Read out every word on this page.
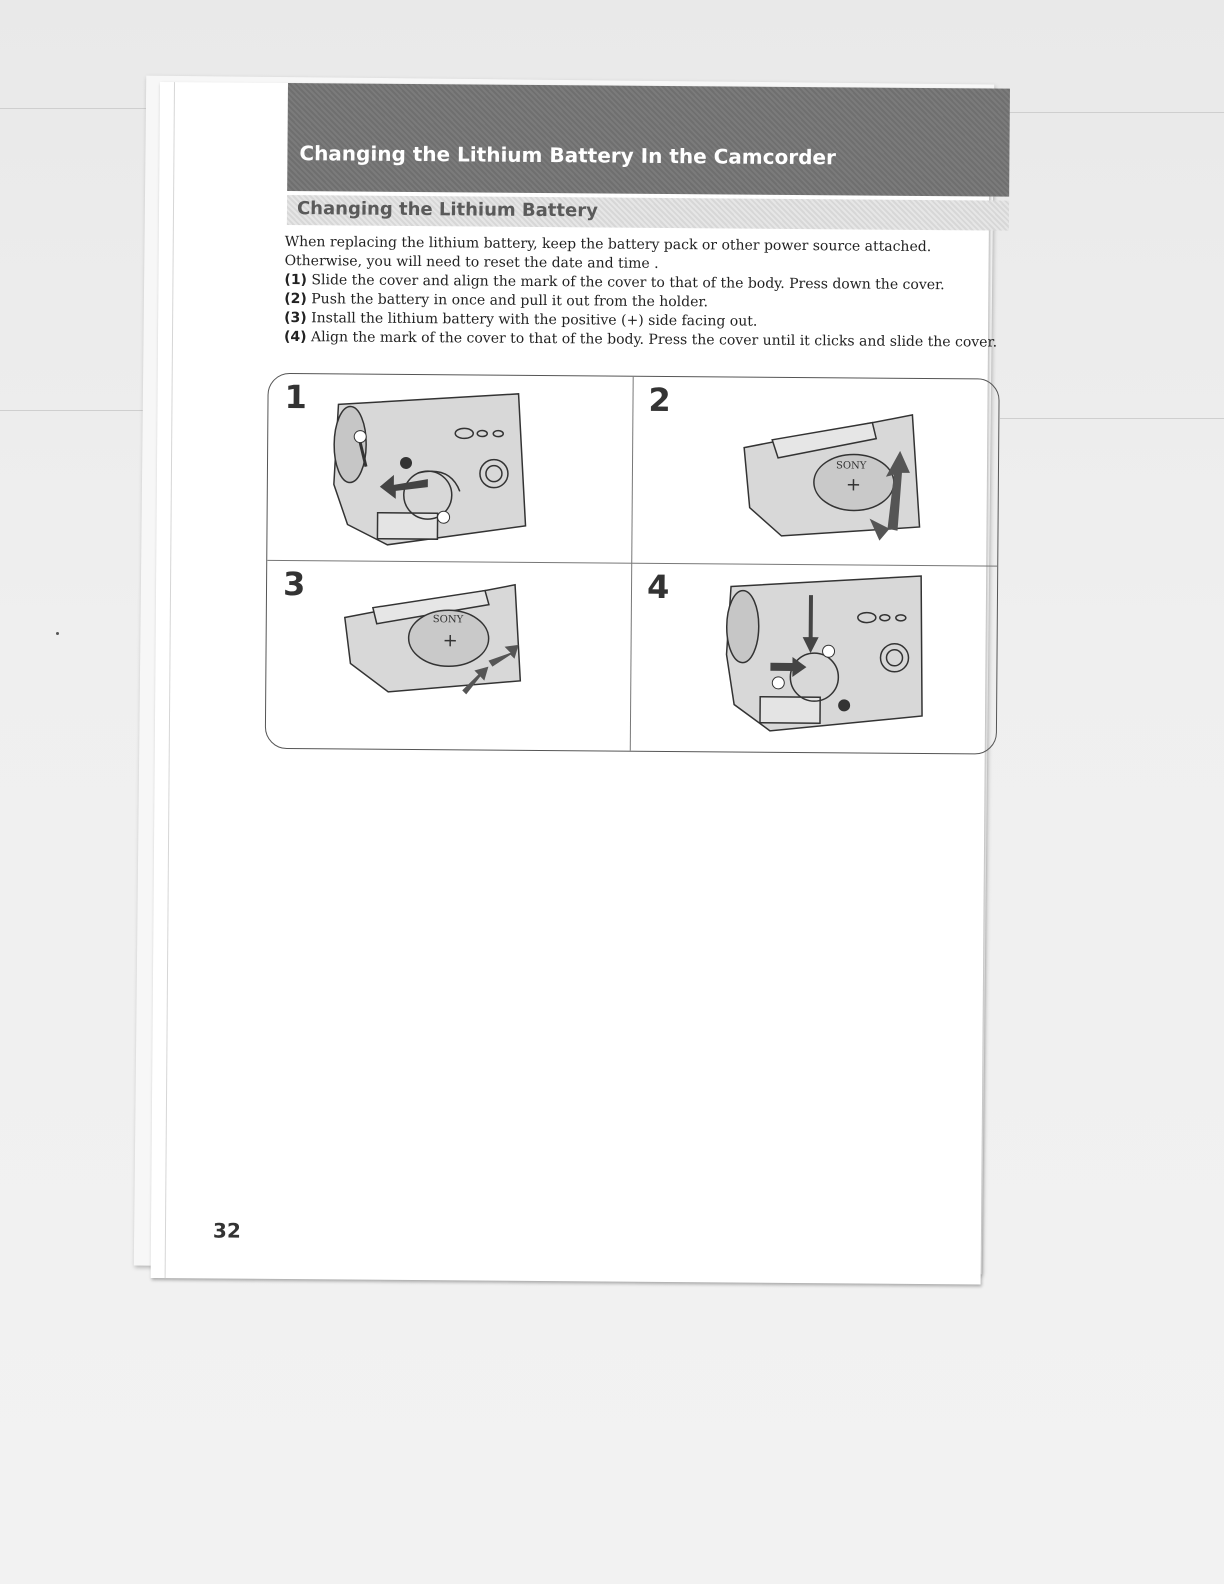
Changing the Lithium Battery In the Camcorder
Changing the Lithium Battery

When replacing the lithium battery, keep the battery pack or other power source attached. Otherwise, you will need to reset the date and time .

(1) Slide the cover and align the mark of the cover to that of the body. Press down the cover.

(2) Push the battery in once and pull it out from the holder.

(3) Install the lithium battery with the positive (+) side facing out.

(4) Align the mark of the cover to that of the body. Press the cover until it clicks and slide the cover.

1
SONY
+
2
SONY
+
3	4
32
